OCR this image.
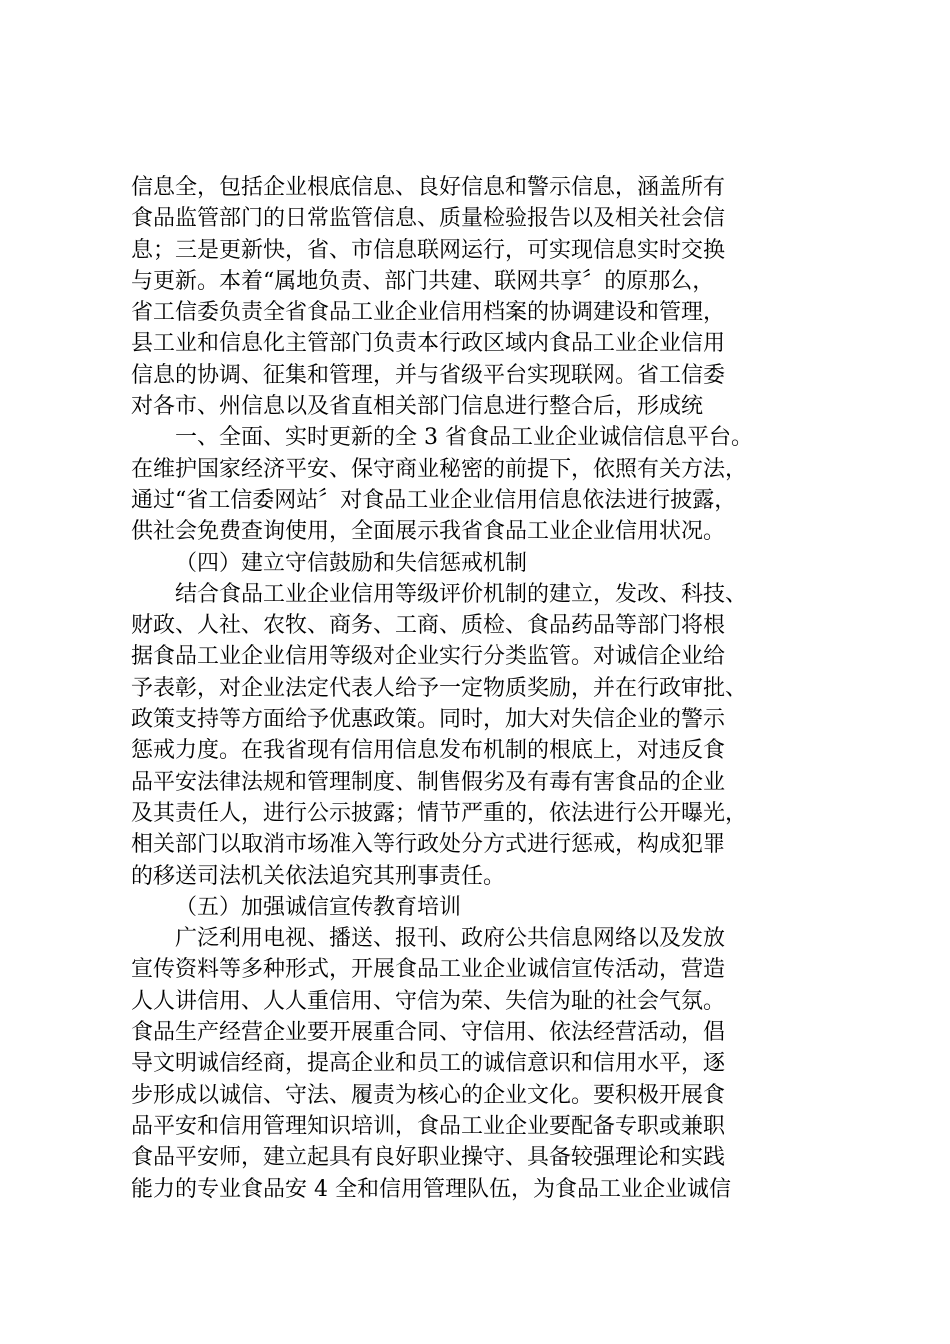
信息全，包括企业根底信息、良好信息和警示信息，涵盖所有
食品监管部门的日常监管信息、质量检验报告以及相关社会信
息；三是更新快，省、市信息联网运行，可实现信息实时交换
与更新。本着“属地负责、部门共建、联网共享〞的原那么，
省工信委负责全省食品工业企业信用档案的协调建设和管理，
县工业和信息化主管部门负责本行政区域内食品工业企业信用
信息的协调、征集和管理，并与省级平台实现联网。省工信委
对各市、州信息以及省直相关部门信息进行整合后，形成统
一、全面、实时更新的全 3 省食品工业企业诚信信息平台。
在维护国家经济平安、保守商业秘密的前提下，依照有关方法，
通过“省工信委网站〞对食品工业企业信用信息依法进行披露，
供社会免费查询使用，全面展示我省食品工业企业信用状况。
（四）建立守信鼓励和失信惩戒机制
结合食品工业企业信用等级评价机制的建立，发改、科技、
财政、人社、农牧、商务、工商、质检、食品药品等部门将根
据食品工业企业信用等级对企业实行分类监管。对诚信企业给
予表彰，对企业法定代表人给予一定物质奖励，并在行政审批、
政策支持等方面给予优惠政策。同时，加大对失信企业的警示
惩戒力度。在我省现有信用信息发布机制的根底上，对违反食
品平安法律法规和管理制度、制售假劣及有毒有害食品的企业
及其责任人，进行公示披露；情节严重的，依法进行公开曝光，
相关部门以取消市场准入等行政处分方式进行惩戒，构成犯罪
的移送司法机关依法追究其刑事责任。
（五）加强诚信宣传教育培训
广泛利用电视、播送、报刊、政府公共信息网络以及发放
宣传资料等多种形式，开展食品工业企业诚信宣传活动，营造
人人讲信用、人人重信用、守信为荣、失信为耻的社会气氛。
食品生产经营企业要开展重合同、守信用、依法经营活动，倡
导文明诚信经商，提高企业和员工的诚信意识和信用水平，逐
步形成以诚信、守法、履责为核心的企业文化。要积极开展食
品平安和信用管理知识培训，食品工业企业要配备专职或兼职
食品平安师，建立起具有良好职业操守、具备较强理论和实践
能力的专业食品安 4 全和信用管理队伍，为食品工业企业诚信
